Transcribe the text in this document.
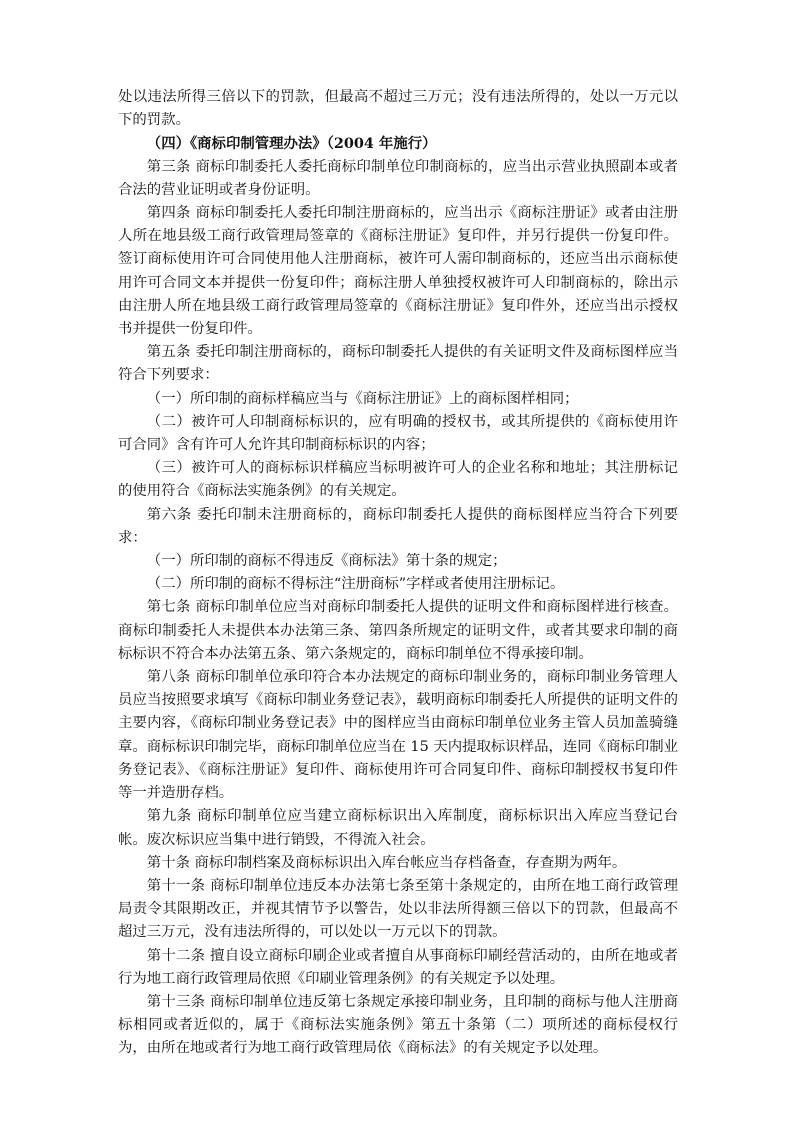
处以违法所得三倍以下的罚款，但最高不超过三万元；没有违法所得的，处以一万元以下的罚款。

（四）《商标印制管理办法》（2004 年施行）

第三条 商标印制委托人委托商标印制单位印制商标的，应当出示营业执照副本或者合法的营业证明或者身份证明。

第四条 商标印制委托人委托印制注册商标的，应当出示《商标注册证》或者由注册人所在地县级工商行政管理局签章的《商标注册证》复印件，并另行提供一份复印件。签订商标使用许可合同使用他人注册商标，被许可人需印制商标的，还应当出示商标使用许可合同文本并提供一份复印件；商标注册人单独授权被许可人印制商标的，除出示由注册人所在地县级工商行政管理局签章的《商标注册证》复印件外，还应当出示授权书并提供一份复印件。

第五条 委托印制注册商标的，商标印制委托人提供的有关证明文件及商标图样应当符合下列要求：

（一）所印制的商标样稿应当与《商标注册证》上的商标图样相同；

（二）被许可人印制商标标识的，应有明确的授权书，或其所提供的《商标使用许可合同》含有许可人允许其印制商标标识的内容；

（三）被许可人的商标标识样稿应当标明被许可人的企业名称和地址；其注册标记的使用符合《商标法实施条例》的有关规定。

第六条 委托印制未注册商标的，商标印制委托人提供的商标图样应当符合下列要求：

（一）所印制的商标不得违反《商标法》第十条的规定；

（二）所印制的商标不得标注“注册商标”字样或者使用注册标记。

第七条 商标印制单位应当对商标印制委托人提供的证明文件和商标图样进行核查。商标印制委托人未提供本办法第三条、第四条所规定的证明文件，或者其要求印制的商标标识不符合本办法第五条、第六条规定的，商标印制单位不得承接印制。

第八条 商标印制单位承印符合本办法规定的商标印制业务的，商标印制业务管理人员应当按照要求填写《商标印制业务登记表》，载明商标印制委托人所提供的证明文件的主要内容，《商标印制业务登记表》中的图样应当由商标印制单位业务主管人员加盖骑缝章。商标标识印制完毕，商标印制单位应当在 15 天内提取标识样品，连同《商标印制业务登记表》、《商标注册证》复印件、商标使用许可合同复印件、商标印制授权书复印件等一并造册存档。

第九条 商标印制单位应当建立商标标识出入库制度，商标标识出入库应当登记台帐。废次标识应当集中进行销毁，不得流入社会。

第十条 商标印制档案及商标标识出入库台帐应当存档备查，存查期为两年。

第十一条 商标印制单位违反本办法第七条至第十条规定的，由所在地工商行政管理局责令其限期改正，并视其情节予以警告，处以非法所得额三倍以下的罚款，但最高不超过三万元，没有违法所得的，可以处以一万元以下的罚款。

第十二条 擅自设立商标印刷企业或者擅自从事商标印刷经营活动的，由所在地或者行为地工商行政管理局依照《印刷业管理条例》的有关规定予以处理。

第十三条 商标印制单位违反第七条规定承接印制业务，且印制的商标与他人注册商标相同或者近似的，属于《商标法实施条例》第五十条第（二）项所述的商标侵权行为，由所在地或者行为地工商行政管理局依《商标法》的有关规定予以处理。
